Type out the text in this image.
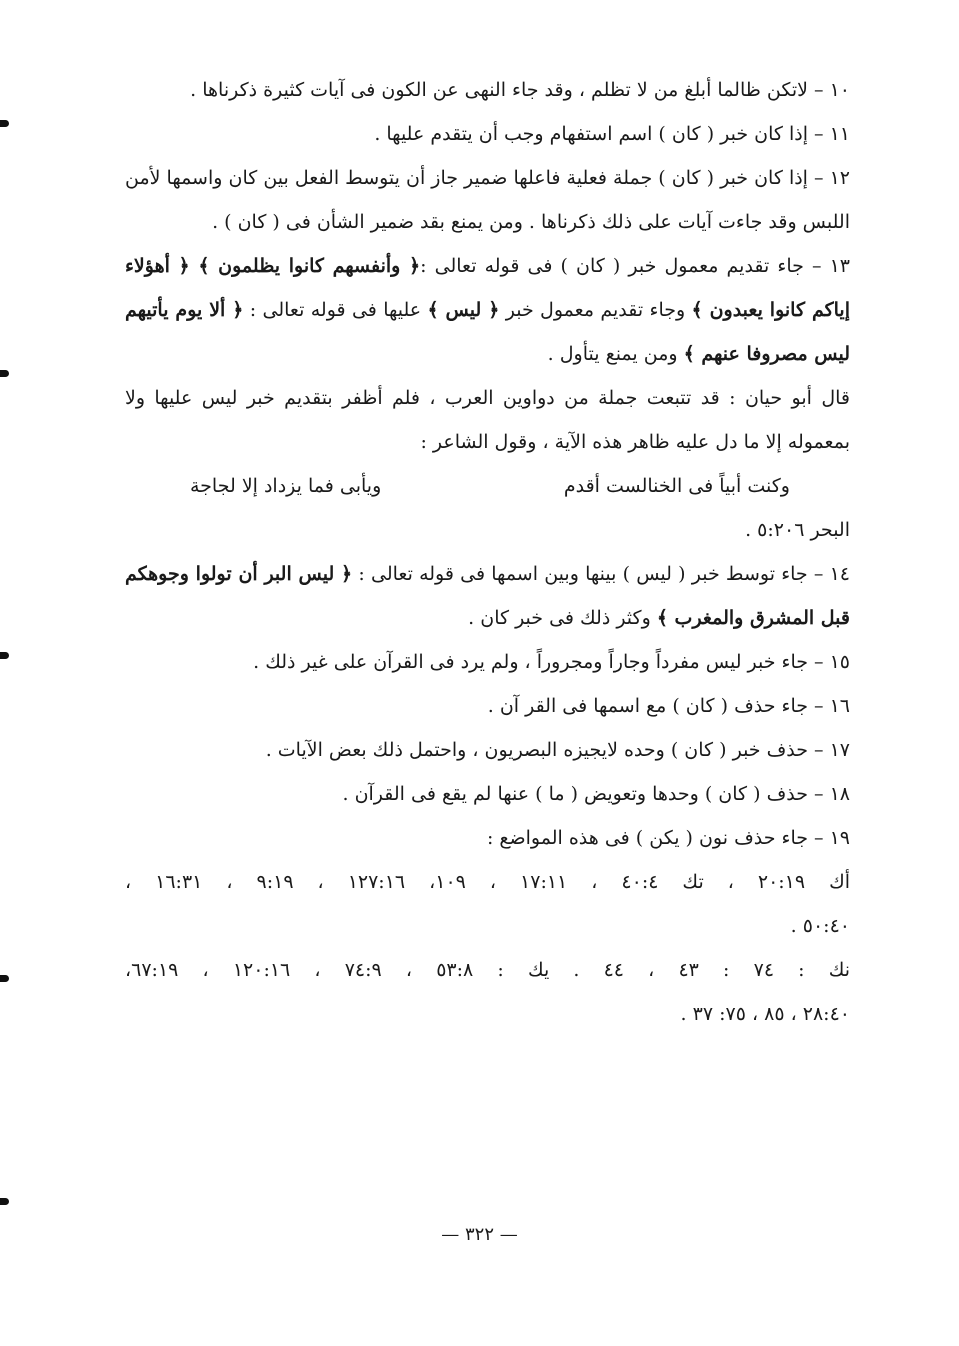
١٠ – لاتكن ظالما أبلغ من لا تظلم ، وقد جاء النهى عن الكون فى آيات كثيرة ذكرناها .

١١ – إذا كان خبر ( كان ) اسم استفهام وجب أن يتقدم عليها .

١٢ – إذا كان خبر ( كان ) جملة فعلية فاعلها ضمير جاز أن يتوسط الفعل بين كان واسمها لأمن اللبس وقد جاءت آيات على ذلك ذكرناها . ومن يمنع بقد ضمير الشأن فى ( كان ) .

١٣ – جاء تقديم معمول خبر ( كان ) فى قوله تعالى :﴿ وأنفسهم كانوا يظلمون ﴾ ﴿ أهؤلاء إياكم كانوا يعبدون ﴾ وجاء تقديم معمول خبر ﴿ ليس ﴾ عليها فى قوله تعالى : ﴿ ألا يوم يأتيهم ليس مصروفا عنهم ﴾ ومن يمنع يتأول .

قال أبو حيان : قد تتبعت جملة من دواوين العرب ، فلم أظفر بتقديم خبر ليس عليها ولا بمعموله إلا ما دل عليه ظاهر هذه الآية ، وقول الشاعر :

وكنت أبياً فى الخنالست أقدم
ويأبى فما يزداد إلا لجاجة

البحر ٥:٢٠٦ .

١٤ – جاء توسط خبر ( ليس ) بينها وبين اسمها فى قوله تعالى : ﴿ ليس البر أن تولوا وجوهكم قبل المشرق والمغرب ﴾ وكثر ذلك فى خبر كان .

١٥ – جاء خبر ليس مفرداً وجاراً ومجروراً ، ولم يرد فى القرآن على غير ذلك .

١٦ – جاء حذف ( كان ) مع اسمها فى القر آن .

١٧ – حذف خبر ( كان ) وحده لايجيزه البصريون ، واحتمل ذلك بعض الآيات .

١٨ – حذف ( كان ) وحدها وتعويض ( ما ) عنها لم يقع فى القرآن .

١٩ – جاء حذف نون ( يكن ) فى هذه المواضع :

أك ٢٠:١٩ ، تك ٤٠:٤ ، ١٧:١١ ، ١٠٩، ١٢٧:١٦ ، ٩:١٩ ، ١٦:٣١ ،

٥٠:٤٠ .

نك : ٧٤ : ٤٣ ، ٤٤ . يك : ٥٣:٨ ، ٧٤:٩ ، ١٢٠:١٦ ، ٦٧:١٩،

٢٨:٤٠ ، ٨٥ ، ٧٥: ٣٧ .

— ٣٢٢ —
